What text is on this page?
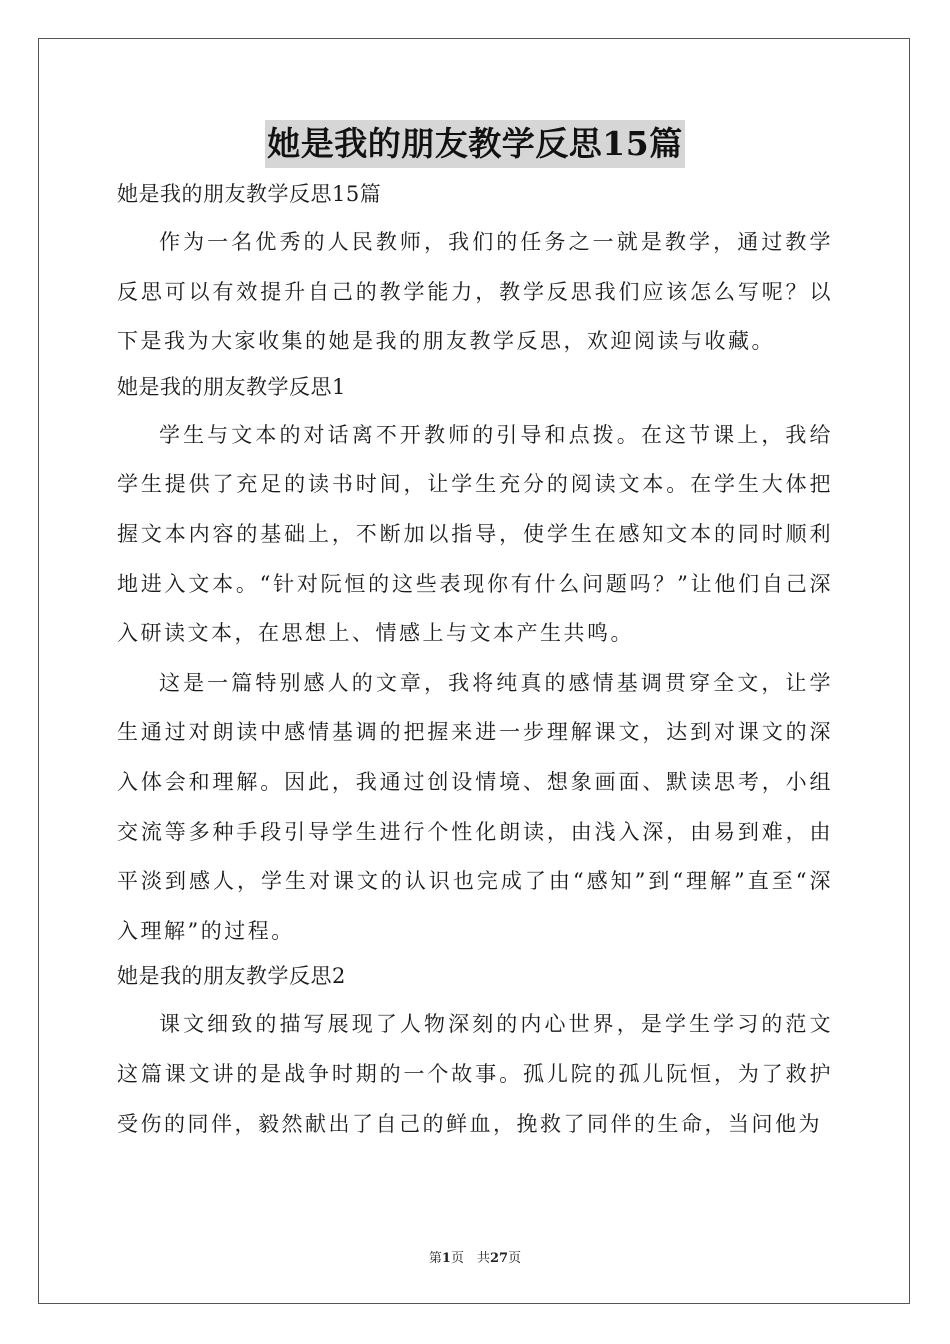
她是我的朋友教学反思15篇
她是我的朋友教学反思15篇

作为一名优秀的人民教师，我们的任务之一就是教学，通过教学反思可以有效提升自己的教学能力，教学反思我们应该怎么写呢？以下是我为大家收集的她是我的朋友教学反思，欢迎阅读与收藏。

她是我的朋友教学反思1

学生与文本的对话离不开教师的引导和点拨。在这节课上，我给学生提供了充足的读书时间，让学生充分的阅读文本。在学生大体把握文本内容的基础上，不断加以指导，使学生在感知文本的同时顺利地进入文本。“针对阮恒的这些表现你有什么问题吗？”让他们自己深入研读文本，在思想上、情感上与文本产生共鸣。

这是一篇特别感人的文章，我将纯真的感情基调贯穿全文，让学生通过对朗读中感情基调的把握来进一步理解课文，达到对课文的深入体会和理解。因此，我通过创设情境、想象画面、默读思考，小组交流等多种手段引导学生进行个性化朗读，由浅入深，由易到难，由平淡到感人，学生对课文的认识也完成了由“感知”到“理解”直至“深入理解”的过程。

她是我的朋友教学反思2

课文细致的描写展现了人物深刻的内心世界，是学生学习的范文这篇课文讲的是战争时期的一个故事。孤儿院的孤儿阮恒，为了救护受伤的同伴，毅然献出了自己的鲜血，挽救了同伴的生命，当问他为

第1页　共27页
